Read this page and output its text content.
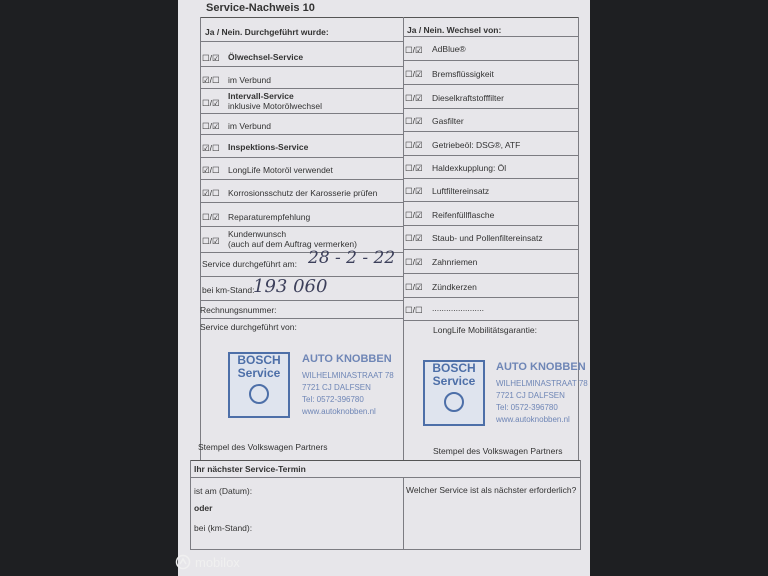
Service-Nachweis 10
Ja / Nein. Durchgeführt wurde:	Ja / Nein. Wechsel von:
☐/☑ Ölwechsel-Service
☑/☐ im Verbund
☐/☑
Intervall-Service
inklusive Motorölwechsel
☐/☑ im Verbund
☑/☐ Inspektions-Service
☑/☐ LongLife Motoröl verwendet
☑/☐ Korrosionsschutz der Karosserie prüfen
☐/☑ Reparaturempfehlung
☐/☑
Kundenwunsch
(auch auf dem Auftrag vermerken)
Service durchgeführt am: 28 - 2 - 22
bei km-Stand:
193 060
Rechnungsnummer:
Service durchgeführt von:
BOSCH
Service
AUTO KNOBBEN
WILHELMINASTRAAT 78
7721 CJ DALFSEN
Tel: 0572-396780
www.autoknobben.nl
Stempel des Volkswagen Partners
☐/☑ AdBlue®
☐/☑ Bremsflüssigkeit
☐/☑ Dieselkraftstofffilter
☐/☑ Gasfilter
☐/☑ Getriebeöl: DSG®, ATF
☐/☑ Haldexkupplung: Öl
☐/☑ Luftfiltereinsatz
☐/☑ Reifenfüllflasche
☐/☑ Staub- und Pollenfiltereinsatz
☐/☑ Zahnriemen
☐/☑ Zündkerzen
☐/☐ ......................
LongLife Mobilitätsgarantie:
BOSCH
Service
AUTO KNOBBEN
WILHELMINASTRAAT 78
7721 CJ DALFSEN
Tel: 0572-396780
www.autoknobben.nl
Stempel des Volkswagen Partners
Ihr nächster Service-Termin
ist am (Datum):
oder
bei (km-Stand):
Welcher Service ist als nächster erforderlich?
mobilox
